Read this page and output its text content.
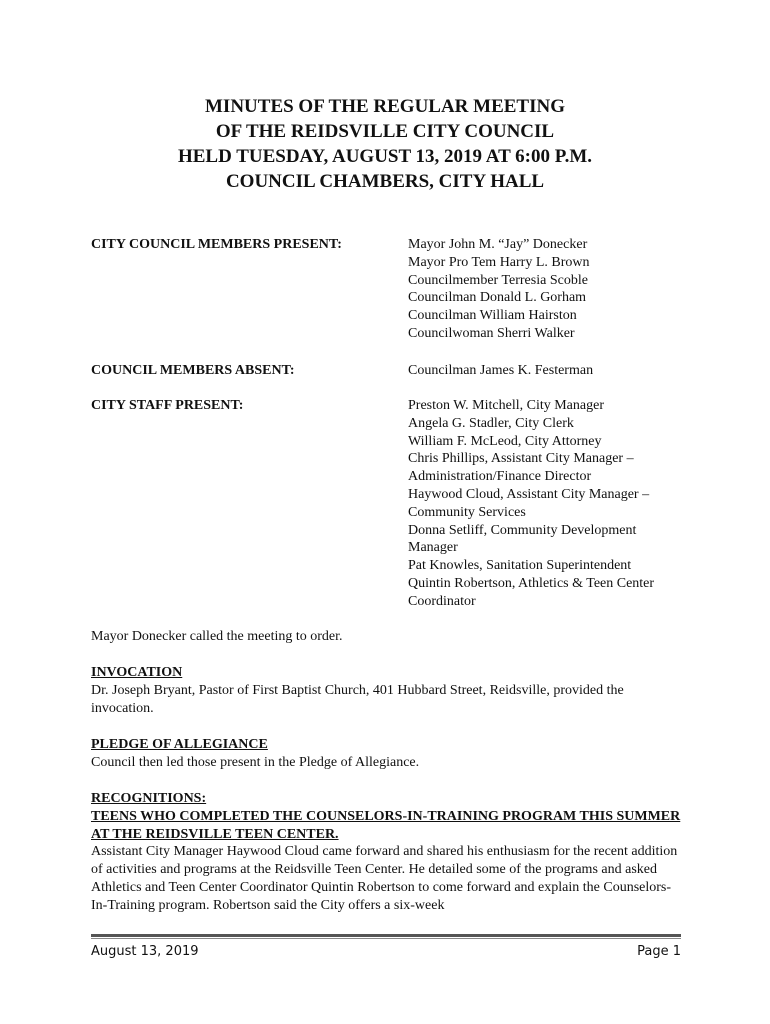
MINUTES OF THE REGULAR MEETING
OF THE REIDSVILLE CITY COUNCIL
HELD TUESDAY, AUGUST 13, 2019 AT 6:00 P.M.
COUNCIL CHAMBERS, CITY HALL
CITY COUNCIL MEMBERS PRESENT:	Mayor John M. “Jay” Donecker
Mayor Pro Tem Harry L. Brown
Councilmember Terresia Scoble
Councilman Donald L. Gorham
Councilman William Hairston
Councilwoman Sherri Walker
COUNCIL MEMBERS ABSENT:	Councilman James K. Festerman
CITY STAFF PRESENT:	Preston W. Mitchell, City Manager
Angela G. Stadler, City Clerk
William F. McLeod, City Attorney
Chris Phillips, Assistant City Manager –
Administration/Finance Director
Haywood Cloud, Assistant City Manager –
Community Services
Donna Setliff, Community Development
Manager
Pat Knowles, Sanitation Superintendent
Quintin Robertson, Athletics & Teen Center
Coordinator
Mayor Donecker called the meeting to order.
INVOCATION
Dr. Joseph Bryant, Pastor of First Baptist Church, 401 Hubbard Street, Reidsville, provided the invocation.
PLEDGE OF ALLEGIANCE
Council then led those present in the Pledge of Allegiance.
RECOGNITIONS:
TEENS WHO COMPLETED THE COUNSELORS-IN-TRAINING PROGRAM THIS SUMMER AT THE REIDSVILLE TEEN CENTER.
Assistant City Manager Haywood Cloud came forward and shared his enthusiasm for the recent addition of activities and programs at the Reidsville Teen Center. He detailed some of the programs and asked Athletics and Teen Center Coordinator Quintin Robertson to come forward and explain the Counselors-In-Training program. Robertson said the City offers a six-week
August 13, 2019	Page 1
